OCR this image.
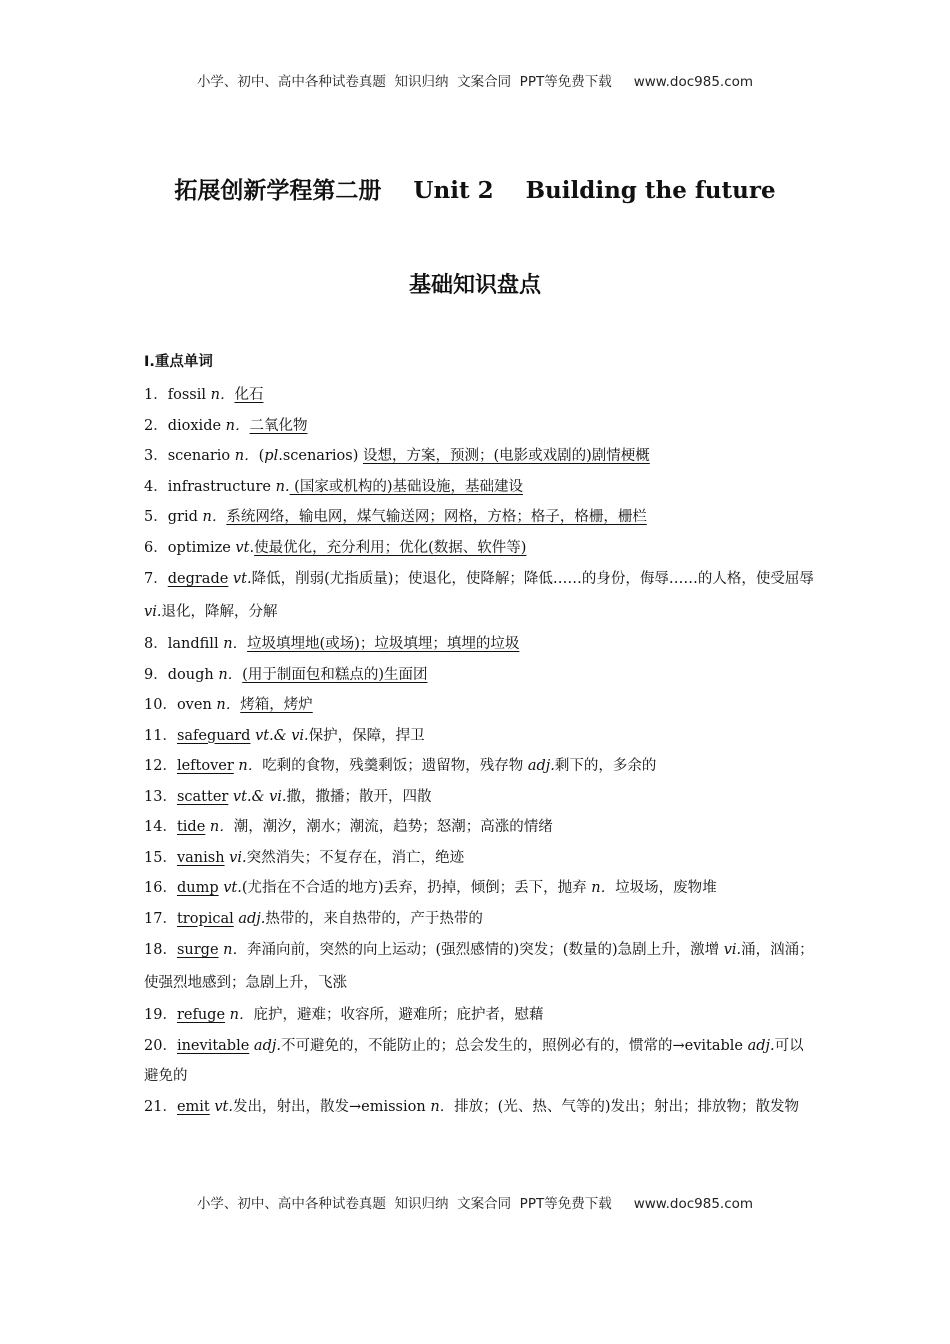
小学、初中、高中各种试卷真题  知识归纳  文案合同  PPT等免费下载 www.doc985.com
拓展创新学程第二册    Unit 2    Building the future
基础知识盘点
Ⅰ.重点单词

1．fossil n．化石

2．dioxide n．二氧化物

3．scenario n．(pl.scenarios) 设想，方案，预测；(电影或戏剧的)剧情梗概

4．infrastructure n. (国家或机构的)基础设施，基础建设

5．grid n．系统网络，输电网，煤气输送网；网格，方格；格子，格栅，栅栏

6．optimize vt.使最优化，充分利用；优化(数据、软件等)

7．degrade vt.降低，削弱(尤指质量)；使退化，使降解；降低……的身份，侮辱……的人格，使受屈辱 vi.退化，降解，分解

8．landfill n．垃圾填埋地(或场)；垃圾填埋；填埋的垃圾

9．dough n．(用于制面包和糕点的)生面团

10．oven n．烤箱，烤炉

11．safeguard vt.& vi.保护，保障，捍卫

12．leftover n．吃剩的食物，残羹剩饭；遗留物，残存物 adj.剩下的，多余的

13．scatter vt.& vi.撒，撒播；散开，四散

14．tide n．潮，潮汐，潮水；潮流，趋势；怒潮；高涨的情绪

15．vanish vi.突然消失；不复存在，消亡，绝迹

16．dump vt.(尤指在不合适的地方)丢弃，扔掉，倾倒；丢下，抛弃 n．垃圾场，废物堆

17．tropical adj.热带的，来自热带的，产于热带的

18．surge n．奔涌向前，突然的向上运动；(强烈感情的)突发；(数量的)急剧上升，激增 vi.涌，汹涌；使强烈地感到；急剧上升，飞涨

19．refuge n．庇护，避难；收容所，避难所；庇护者，慰藉

20．inevitable adj.不可避免的，不能防止的；总会发生的，照例必有的，惯常的→evitable adj.可以避免的

21．emit vt.发出，射出，散发→emission n．排放；(光、热、气等的)发出；射出；排放物；散发物

小学、初中、高中各种试卷真题  知识归纳  文案合同  PPT等免费下载 www.doc985.com
